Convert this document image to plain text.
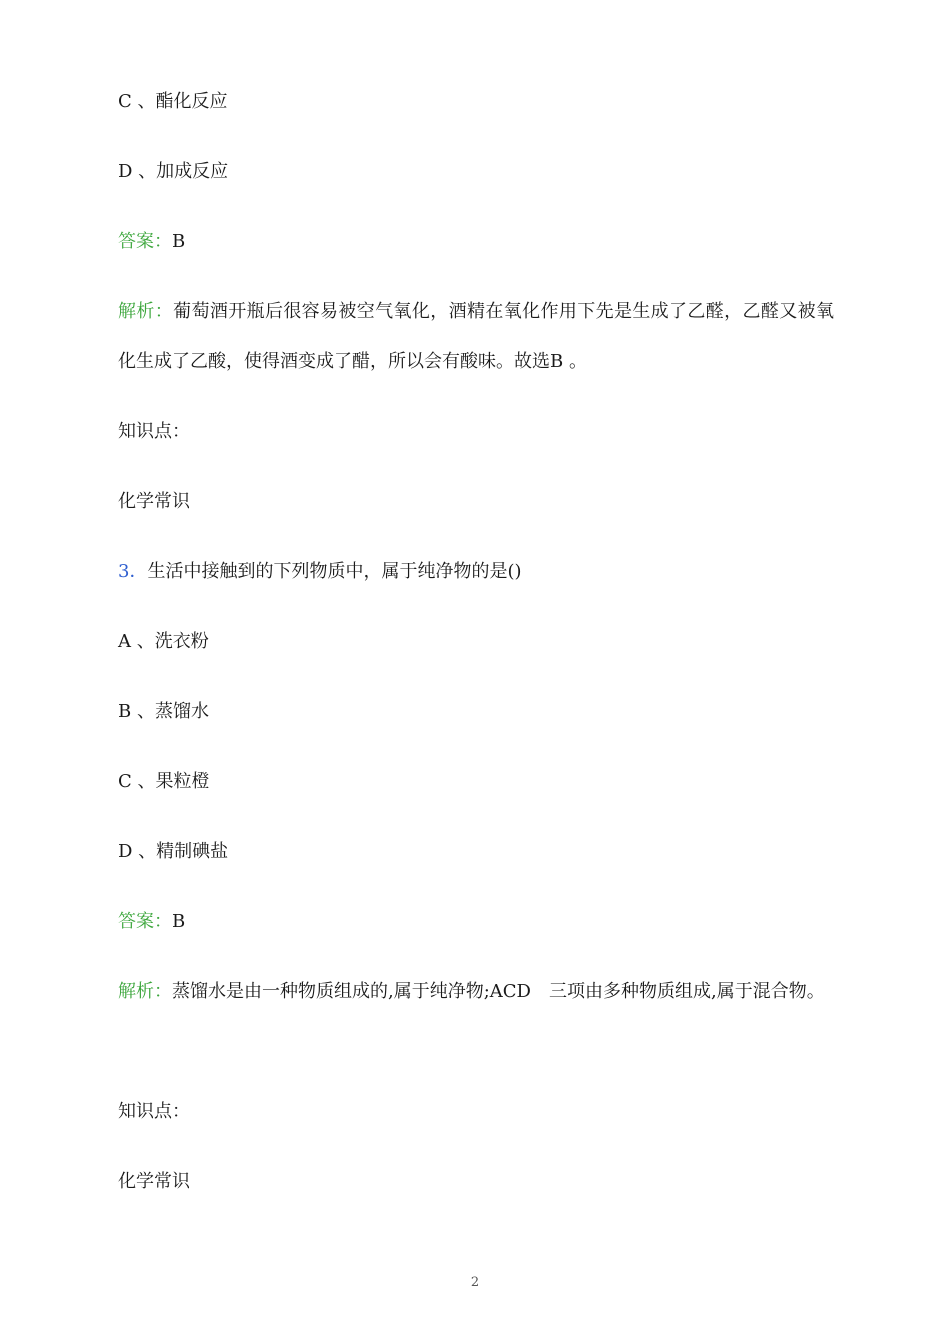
C 、酯化反应
D 、加成反应
答案：B
解析：葡萄酒开瓶后很容易被空气氧化，酒精在氧化作用下先是生成了乙醛，乙醛又被氧化生成了乙酸，使得酒变成了醋，所以会有酸味。故选B 。
知识点：
化学常识
3．生活中接触到的下列物质中，属于纯净物的是()
A 、洗衣粉
B 、蒸馏水
C 、果粒橙
D 、精制碘盐
答案：B
解析：蒸馏水是由一种物质组成的,属于纯净物;ACD　三项由多种物质组成,属于混合物。
知识点：
化学常识
2
